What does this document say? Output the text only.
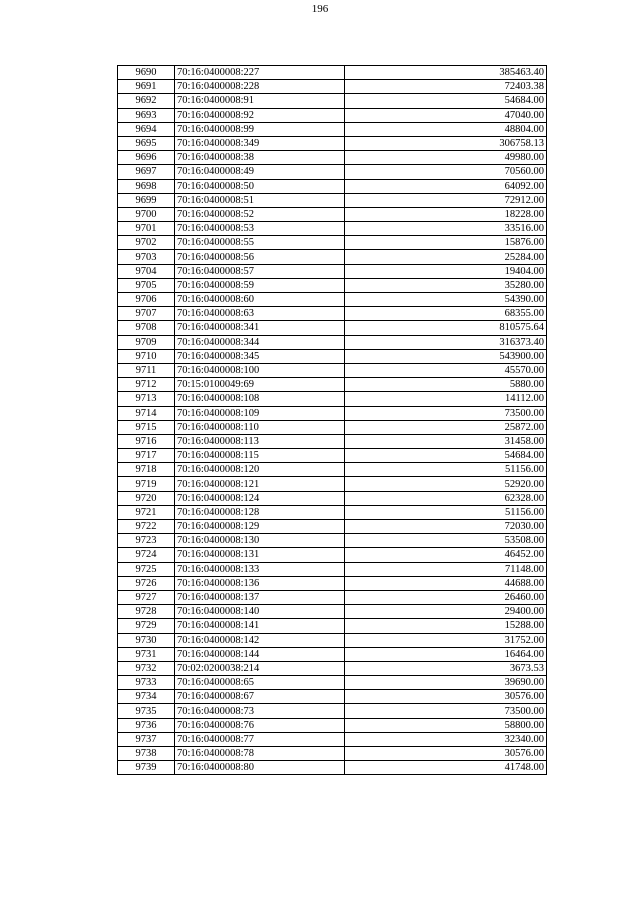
196
9690	70:16:0400008:227	385463.40
9691	70:16:0400008:228	72403.38
9692	70:16:0400008:91	54684.00
9693	70:16:0400008:92	47040.00
9694	70:16:0400008:99	48804.00
9695	70:16:0400008:349	306758.13
9696	70:16:0400008:38	49980.00
9697	70:16:0400008:49	70560.00
9698	70:16:0400008:50	64092.00
9699	70:16:0400008:51	72912.00
9700	70:16:0400008:52	18228.00
9701	70:16:0400008:53	33516.00
9702	70:16:0400008:55	15876.00
9703	70:16:0400008:56	25284.00
9704	70:16:0400008:57	19404.00
9705	70:16:0400008:59	35280.00
9706	70:16:0400008:60	54390.00
9707	70:16:0400008:63	68355.00
9708	70:16:0400008:341	810575.64
9709	70:16:0400008:344	316373.40
9710	70:16:0400008:345	543900.00
9711	70:16:0400008:100	45570.00
9712	70:15:0100049:69	5880.00
9713	70:16:0400008:108	14112.00
9714	70:16:0400008:109	73500.00
9715	70:16:0400008:110	25872.00
9716	70:16:0400008:113	31458.00
9717	70:16:0400008:115	54684.00
9718	70:16:0400008:120	51156.00
9719	70:16:0400008:121	52920.00
9720	70:16:0400008:124	62328.00
9721	70:16:0400008:128	51156.00
9722	70:16:0400008:129	72030.00
9723	70:16:0400008:130	53508.00
9724	70:16:0400008:131	46452.00
9725	70:16:0400008:133	71148.00
9726	70:16:0400008:136	44688.00
9727	70:16:0400008:137	26460.00
9728	70:16:0400008:140	29400.00
9729	70:16:0400008:141	15288.00
9730	70:16:0400008:142	31752.00
9731	70:16:0400008:144	16464.00
9732	70:02:0200038:214	3673.53
9733	70:16:0400008:65	39690.00
9734	70:16:0400008:67	30576.00
9735	70:16:0400008:73	73500.00
9736	70:16:0400008:76	58800.00
9737	70:16:0400008:77	32340.00
9738	70:16:0400008:78	30576.00
9739	70:16:0400008:80	41748.00
